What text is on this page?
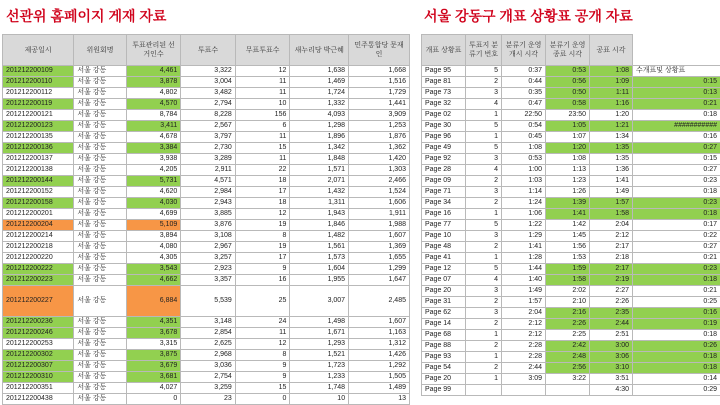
선관위 홈페이지 게재 자료	서울 강동구 개표 상황표 공개 자료
제공일시	위원회명	투표관리된 선거인수	투표수	무표투표수	새누리당 박근혜	민주통합당 문재인
201212200109	서울 강동	4,461	3,322	12	1,638	1,668
201212200110	서울 강동	3,878	3,004	11	1,469	1,516
201212200112	서울 강동	4,802	3,482	11	1,724	1,729
201212200119	서울 강동	4,570	2,794	10	1,332	1,441
201212200121	서울 강동	8,784	8,228	156	4,093	3,909
201212200123	서울 강동	3,411	2,567	6	1,298	1,253
201212200135	서울 강동	4,678	3,797	11	1,896	1,876
201212200136	서울 강동	3,384	2,730	15	1,342	1,362
201212200137	서울 강동	3,938	3,289	11	1,848	1,420
201212200138	서울 강동	4,205	2,911	22	1,571	1,303
201212200144	서울 강동	5,731	4,571	18	2,071	2,466
201212200152	서울 강동	4,620	2,984	17	1,432	1,524
201212200158	서울 강동	4,030	2,943	18	1,311	1,606
201212200201	서울 강동	4,699	3,885	12	1,943	1,911
201212200204	서울 강동	5,109	3,876	19	1,846	1,988
201212200214	서울 강동	3,894	3,108	8	1,482	1,607
201212200218	서울 강동	4,080	2,967	19	1,561	1,369
201212200220	서울 강동	4,305	3,257	17	1,573	1,655
201212200222	서울 강동	3,543	2,923	9	1,604	1,299
201212200223	서울 강동	4,662	3,357	16	1,955	1,647
201212200227	서울 강동	6,884	5,539	25	3,007	2,485
201212200236	서울 강동	4,351	3,148	24	1,498	1,607
201212200246	서울 강동	3,678	2,854	11	1,671	1,163
201212200253	서울 강동	3,315	2,625	12	1,293	1,312
201212200302	서울 강동	3,875	2,968	8	1,521	1,426
201212200307	서울 강동	3,679	3,036	9	1,723	1,292
201212200310	서울 강동	3,681	2,754	9	1,233	1,505
201212200351	서울 강동	4,027	3,259	15	1,748	1,489
201212200438	서울 강동	0	23	0	10	13
개표 상황표	투표지 분류기 번호	분류기 운영 개시 시각	분류기 운영 종료 시각	공표 시각	
Page 95	5	0:37	0:53	1:08	수개표및 상황표
Page 81	2	0:44	0:56	1:09	0:15
Page 73	3	0:35	0:50	1:11	0:13
Page 32	4	0:47	0:58	1:16	0:21
Page 02	1	22:50	23:50	1:20	0:18
Page 30	5	0:54	1:05	1:21	###########
Page 96	1	0:45	1:07	1:34	0:16
Page 49	5	1:08	1:20	1:35	0:27
Page 92	3	0:53	1:08	1:35	0:15
Page 28	4	1:00	1:13	1:36	0:27
Page 09	2	1:03	1:23	1:41	0:23
Page 71	3	1:14	1:26	1:49	0:18
Page 34	2	1:24	1:39	1:57	0:23
Page 16	1	1:06	1:41	1:58	0:18
Page 77	5	1:22	1:42	2:04	0:17
Page 10	3	1:29	1:45	2:12	0:22
Page 48	2	1:41	1:56	2:17	0:27
Page 41	1	1:28	1:53	2:18	0:21
Page 12	5	1:44	1:59	2:17	0:23
Page 07	4	1:40	1:58	2:19	0:18
Page 20	3	1:49	2:02	2:27	0:21
Page 31	2	1:57	2:10	2:26	0:25
Page 62	3	2:04	2:16	2:35	0:16
Page 14	2	2:12	2:26	2:44	0:19
Page 68	1	2:12	2:25	2:51	0:18
Page 88	2	2:28	2:42	3:00	0:26
Page 93	1	2:28	2:48	3:06	0:18
Page 54	2	2:44	2:56	3:10	0:18
Page 20	1	3:09	3:22	3:51	0:14
Page 99				4:30	0:29
